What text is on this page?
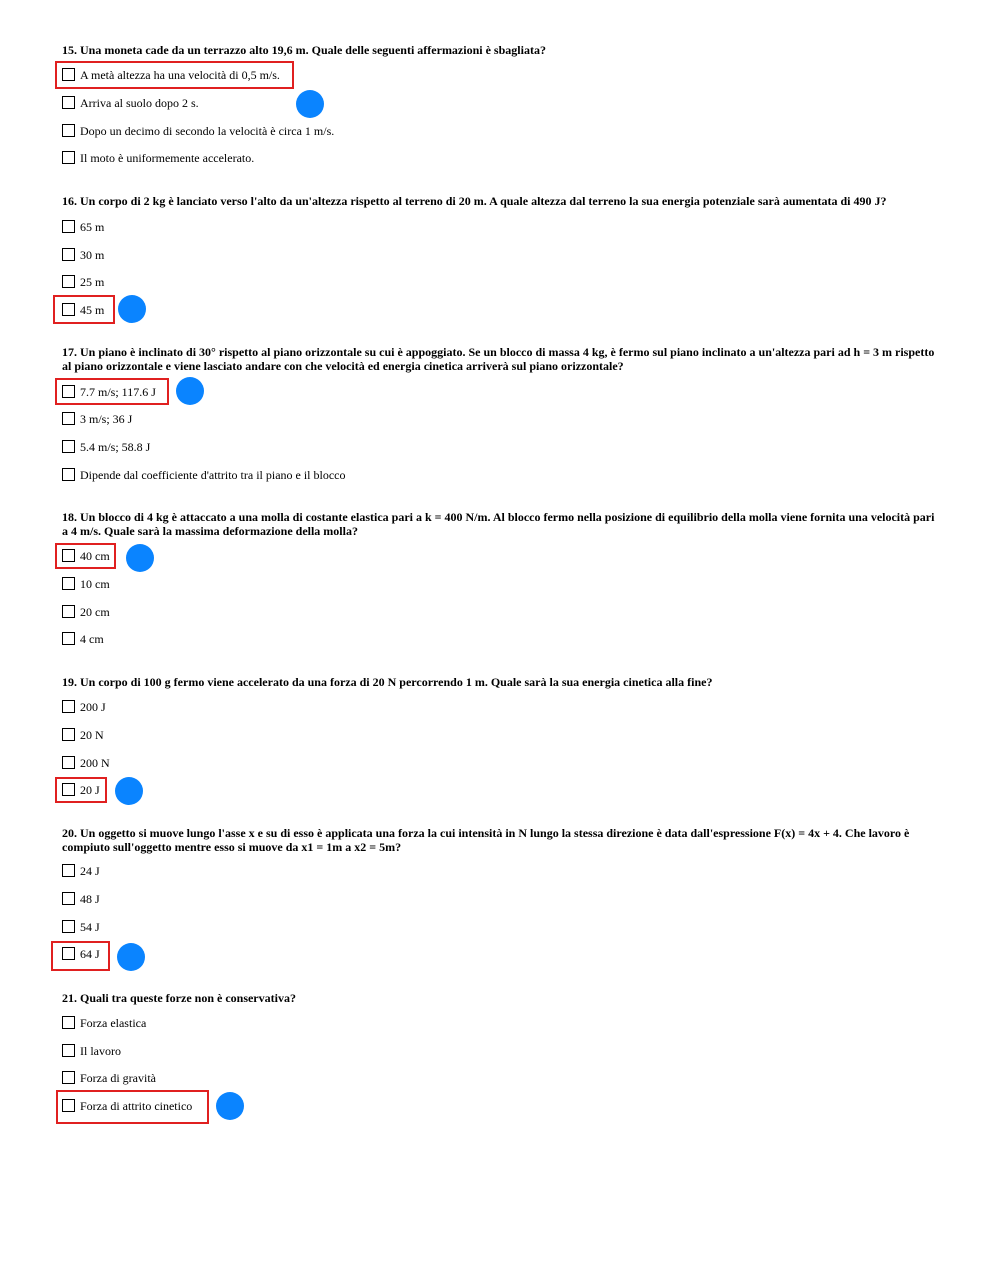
15. Una moneta cade da un terrazzo alto 19,6 m. Quale delle seguenti affermazioni è sbagliata?
A metà altezza ha una velocità di 0,5 m/s.
Arriva al suolo dopo 2 s.
Dopo un decimo di secondo la velocità è circa 1 m/s.
Il moto è uniformemente accelerato.
16. Un corpo di 2 kg è lanciato verso l'alto da un'altezza rispetto al terreno di 20 m. A quale altezza dal terreno la sua energia potenziale sarà aumentata di 490 J?
65 m
30 m
25 m
45 m
17. Un piano è inclinato di 30° rispetto al piano orizzontale su cui è appoggiato. Se un blocco di massa 4 kg, è fermo sul piano inclinato a un'altezza pari ad h = 3 m rispetto al piano orizzontale e viene lasciato andare con che velocità ed energia cinetica arriverà sul piano orizzontale?
7.7 m/s; 117.6 J
3 m/s; 36 J
5.4 m/s; 58.8 J
Dipende dal coefficiente d'attrito tra il piano e il blocco
18. Un blocco di 4 kg è attaccato a una molla di costante elastica pari a k = 400 N/m. Al blocco fermo nella posizione di equilibrio della molla viene fornita una velocità pari a 4 m/s. Quale sarà la massima deformazione della molla?
40 cm
10 cm
20 cm
4 cm
19. Un corpo di 100 g fermo viene accelerato da una forza di 20 N percorrendo 1 m. Quale sarà la sua energia cinetica alla fine?
200 J
20 N
200 N
20 J
20. Un oggetto si muove lungo l'asse x e su di esso è applicata una forza la cui intensità in N lungo la stessa direzione è data dall'espressione F(x) = 4x + 4. Che lavoro è compiuto sull'oggetto mentre esso si muove da x1 = 1m a x2 = 5m?
24 J
48 J
54 J
64 J
21. Quali tra queste forze non è conservativa?
Forza elastica
Il lavoro
Forza di gravità
Forza di attrito cinetico
